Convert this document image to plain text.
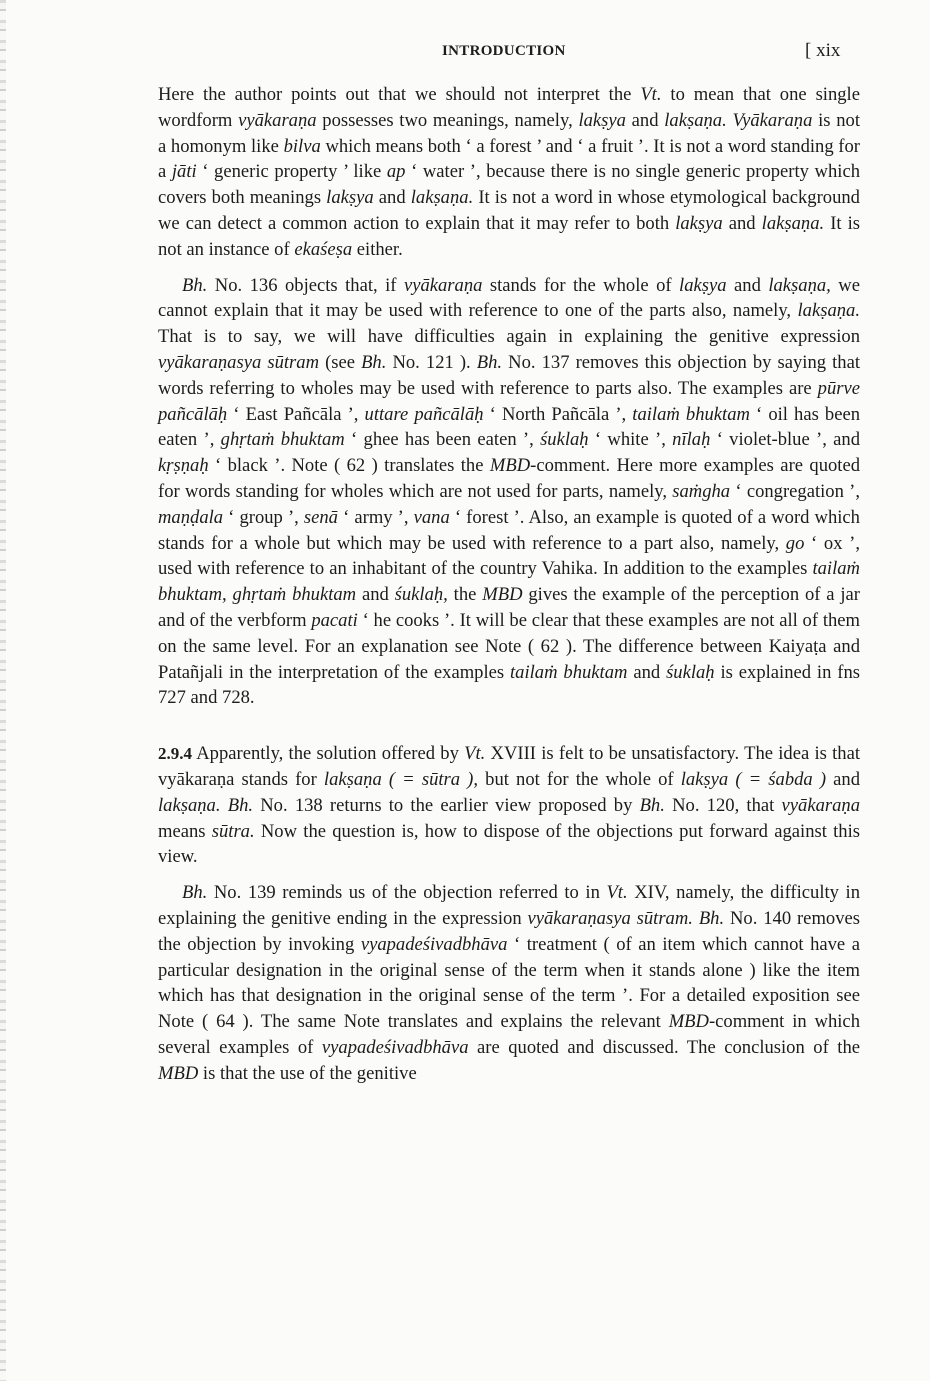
INTRODUCTION	[ xix

Here the author points out that we should not interpret the Vt. to mean that one single wordform vyākaraṇa possesses two meanings, namely, lakṣya and lakṣaṇa. Vyākaraṇa is not a homonym like bilva which means both ‘ a forest ’ and ‘ a fruit ’. It is not a word standing for a jāti ‘ generic property ’ like ap ‘ water ’, because there is no single generic property which covers both meanings lakṣya and lakṣaṇa. It is not a word in whose etymological background we can detect a common action to explain that it may refer to both lakṣya and lakṣaṇa. It is not an instance of ekaśeṣa either.

Bh. No. 136 objects that, if vyākaraṇa stands for the whole of lakṣya and lakṣaṇa, we cannot explain that it may be used with reference to one of the parts also, namely, lakṣaṇa. That is to say, we will have difficulties again in explaining the genitive expression vyākaraṇasya sūtram (see Bh. No. 121 ). Bh. No. 137 removes this objection by saying that words referring to wholes may be used with reference to parts also. The examples are pūrve pañcālāḥ ‘ East Pañcāla ’, uttare pañcālāḥ ‘ North Pañcāla ’, tailaṁ bhuktam ‘ oil has been eaten ’, ghṛtaṁ bhuktam ‘ ghee has been eaten ’, śuklaḥ ‘ white ’, nīlaḥ ‘ violet-blue ’, and kṛṣṇaḥ ‘ black ’. Note ( 62 ) translates the MBD-comment. Here more examples are quoted for words standing for wholes which are not used for parts, namely, saṁgha ‘ congregation ’, maṇḍala ‘ group ’, senā ‘ army ’, vana ‘ forest ’. Also, an example is quoted of a word which stands for a whole but which may be used with reference to a part also, namely, go ‘ ox ’, used with reference to an inhabitant of the country Vahika. In addition to the examples tailaṁ bhuktam, ghṛtaṁ bhuktam and śuklaḥ, the MBD gives the example of the perception of a jar and of the verbform pacati ‘ he cooks ’. It will be clear that these examples are not all of them on the same level. For an explanation see Note ( 62 ). The difference between Kaiyaṭa and Patañjali in the interpretation of the examples tailaṁ bhuktam and śuklaḥ is explained in fns 727 and 728.

2.9.4 Apparently, the solution offered by Vt. XVIII is felt to be unsatisfactory. The idea is that vyākaraṇa stands for lakṣaṇa ( = sūtra ), but not for the whole of lakṣya ( = śabda ) and lakṣaṇa. Bh. No. 138 returns to the earlier view proposed by Bh. No. 120, that vyākaraṇa means sūtra. Now the question is, how to dispose of the objections put forward against this view.

Bh. No. 139 reminds us of the objection referred to in Vt. XIV, namely, the difficulty in explaining the genitive ending in the expression vyākaraṇasya sūtram. Bh. No. 140 removes the objection by invoking vyapadeśivadbhāva ‘ treatment ( of an item which cannot have a particular designation in the original sense of the term when it stands alone ) like the item which has that designation in the original sense of the term ’. For a detailed exposition see Note ( 64 ). The same Note translates and explains the relevant MBD-comment in which several examples of vyapadeśivadbhāva are quoted and discussed. The conclusion of the MBD is that the use of the genitive
